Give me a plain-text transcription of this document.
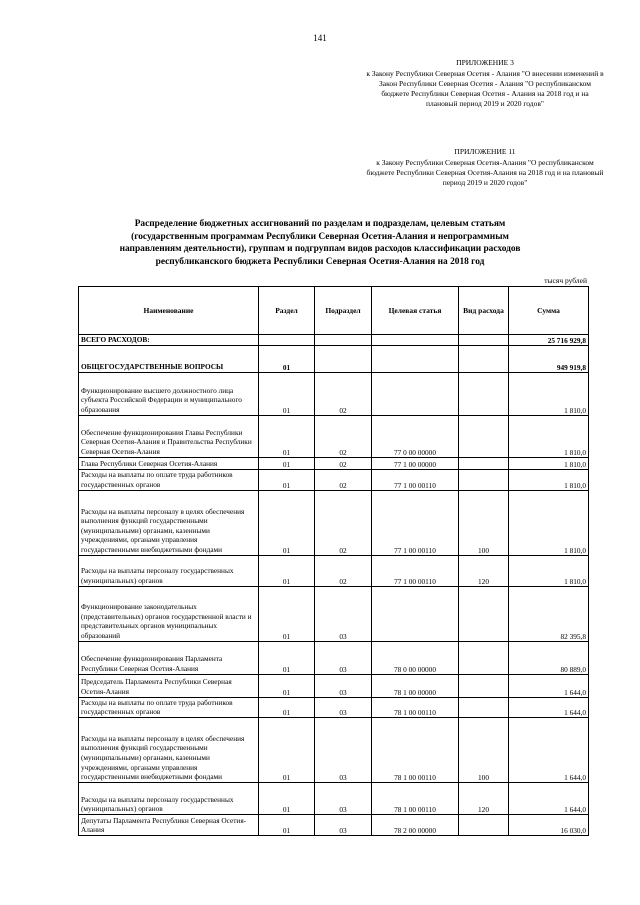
141
ПРИЛОЖЕНИЕ 3
к Закону Республики Северная Осетия - Алания "О внесении изменений в Закон Республики Северная Осетия - Алания "О республиканском бюджете Республики Северная Осетия - Алания на 2018 год и на плановый период 2019 и 2020 годов"
ПРИЛОЖЕНИЕ 11
к Закону Республики Северная Осетия-Алания "О республиканском бюджете Республики Северная Осетия-Алания на 2018 год и на плановый период 2019 и 2020 годов"
Распределение бюджетных ассигнований по разделам и подразделам, целевым статьям (государственным программам Республики Северная Осетия-Алания и непрограммным направлениям деятельности), группам и подгруппам видов расходов классификации расходов республиканского бюджета Республики Северная Осетия-Алания на 2018 год
тысяч рублей
Наименование	Раздел	Подраздел	Целевая статья	Вид расхода	Сумма
ВСЕГО РАСХОДОВ:					25 716 929,8
ОБЩЕГОСУДАРСТВЕННЫЕ ВОПРОСЫ	01				949 919,8
Функционирование высшего должностного лица субъекта Российской Федерации и муниципального образования	01	02			1 810,0
Обеспечение функционирования Главы Республики Северная Осетия-Алания и Правительства Республики Северная Осетия-Алания	01	02	77 0 00 00000		1 810,0
Глава Республики Северная Осетия-Алания	01	02	77 1 00 00000		1 810,0
Расходы на выплаты по оплате труда работников государственных органов	01	02	77 1 00 00110		1 810,0
Расходы на выплаты персоналу в целях обеспечения выполнения функций государственными (муниципальными) органами, казенными учреждениями, органами управления государственными внебюджетными фондами	01	02	77 1 00 00110	100	1 810,0
Расходы на выплаты персоналу государственных (муниципальных) органов	01	02	77 1 00 00110	120	1 810,0
Функционирование законодательных (представительных) органов государственной власти и представительных органов муниципальных образований	01	03			82 395,8
Обеспечение функционирования Парламента Республики Северная Осетия-Алания	01	03	78 0 00 00000		80 889,0
Председатель Парламента Республики Северная Осетия-Алания	01	03	78 1 00 00000		1 644,0
Расходы на выплаты по оплате труда работников государственных органов	01	03	78 1 00 00110		1 644,0
Расходы на выплаты персоналу в целях обеспечения выполнения функций государственными (муниципальными) органами, казенными учреждениями, органами управления государственными внебюджетными фондами	01	03	78 1 00 00110	100	1 644,0
Расходы на выплаты персоналу государственных (муниципальных) органов	01	03	78 1 00 00110	120	1 644,0
Депутаты Парламента Республики Северная Осетия-Алания	01	03	78 2 00 00000		16 030,0
